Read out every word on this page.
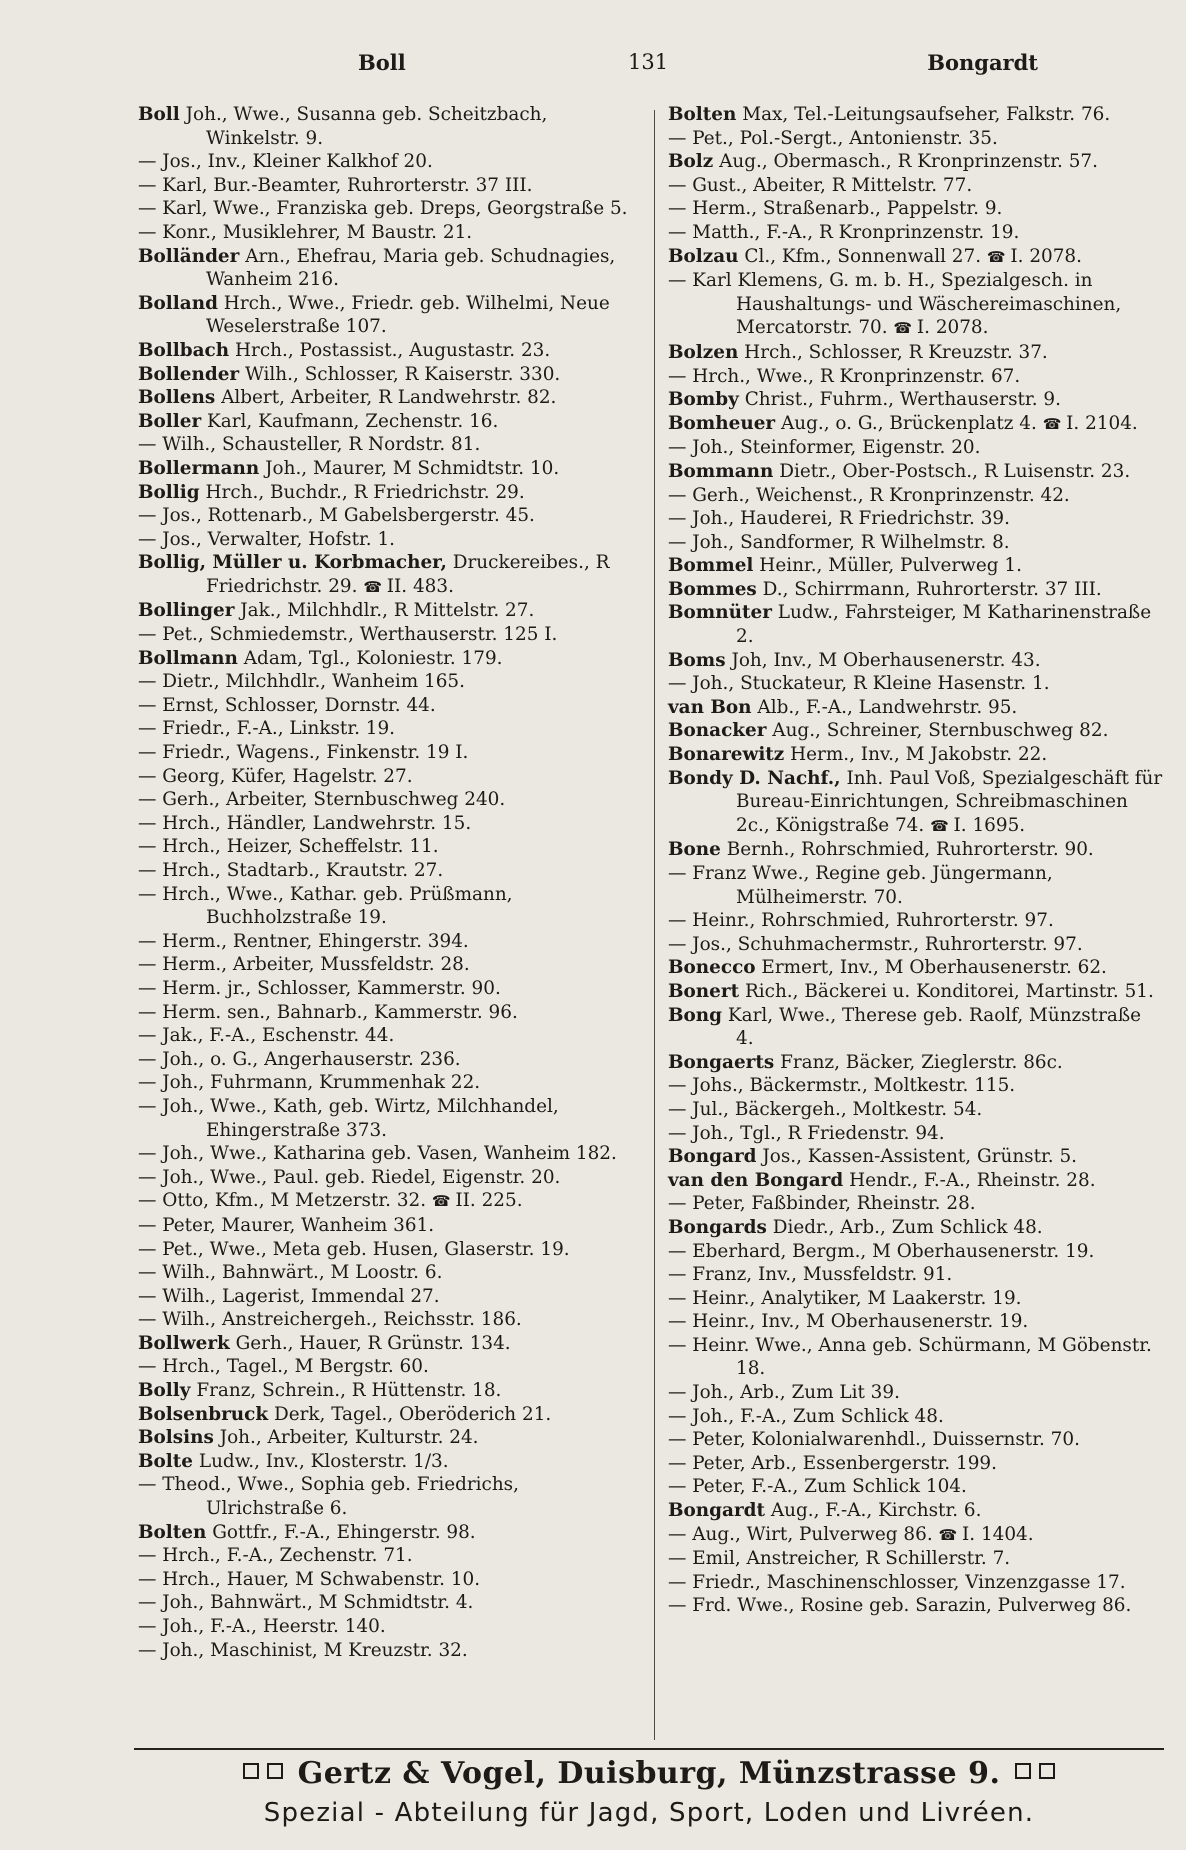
Boll	131	Bongardt
Boll Joh., Wwe., Susanna geb. Scheitzbach, Winkelstr. 9.
— Jos., Inv., Kleiner Kalkhof 20.
— Karl, Bur.-Beamter, Ruhrorterstr. 37 III.
— Karl, Wwe., Franziska geb. Dreps, Georgstraße 5.
— Konr., Musiklehrer, M Baustr. 21.
Bolländer Arn., Ehefrau, Maria geb. Schudnagies, Wanheim 216.
Bolland Hrch., Wwe., Friedr. geb. Wilhelmi, Neue Weselerstraße 107.
Bollbach Hrch., Postassist., Augustastr. 23.
Bollender Wilh., Schlosser, R Kaiserstr. 330.
Bollens Albert, Arbeiter, R Landwehrstr. 82.
Boller Karl, Kaufmann, Zechenstr. 16.
— Wilh., Schausteller, R Nordstr. 81.
Bollermann Joh., Maurer, M Schmidtstr. 10.
Bollig Hrch., Buchdr., R Friedrichstr. 29.
— Jos., Rottenarb., M Gabelsbergerstr. 45.
— Jos., Verwalter, Hofstr. 1.
Bollig, Müller u. Korbmacher, Druckereibes., R Friedrichstr. 29. ☎ II. 483.
Bollinger Jak., Milchhdlr., R Mittelstr. 27.
— Pet., Schmiedemstr., Werthauserstr. 125 I.
Bollmann Adam, Tgl., Koloniestr. 179.
— Dietr., Milchhdlr., Wanheim 165.
— Ernst, Schlosser, Dornstr. 44.
— Friedr., F.-A., Linkstr. 19.
— Friedr., Wagens., Finkenstr. 19 I.
— Georg, Küfer, Hagelstr. 27.
— Gerh., Arbeiter, Sternbuschweg 240.
— Hrch., Händler, Landwehrstr. 15.
— Hrch., Heizer, Scheffelstr. 11.
— Hrch., Stadtarb., Krautstr. 27.
— Hrch., Wwe., Kathar. geb. Prüßmann, Buchholzstraße 19.
— Herm., Rentner, Ehingerstr. 394.
— Herm., Arbeiter, Mussfeldstr. 28.
— Herm. jr., Schlosser, Kammerstr. 90.
— Herm. sen., Bahnarb., Kammerstr. 96.
— Jak., F.-A., Eschenstr. 44.
— Joh., o. G., Angerhauserstr. 236.
— Joh., Fuhrmann, Krummenhak 22.
— Joh., Wwe., Kath, geb. Wirtz, Milchhandel, Ehingerstraße 373.
— Joh., Wwe., Katharina geb. Vasen, Wanheim 182.
— Joh., Wwe., Paul. geb. Riedel, Eigenstr. 20.
— Otto, Kfm., M Metzerstr. 32. ☎ II. 225.
— Peter, Maurer, Wanheim 361.
— Pet., Wwe., Meta geb. Husen, Glaserstr. 19.
— Wilh., Bahnwärt., M Loostr. 6.
— Wilh., Lagerist, Immendal 27.
— Wilh., Anstreichergeh., Reichsstr. 186.
Bollwerk Gerh., Hauer, R Grünstr. 134.
— Hrch., Tagel., M Bergstr. 60.
Bolly Franz, Schrein., R Hüttenstr. 18.
Bolsenbruck Derk, Tagel., Oberöderich 21.
Bolsins Joh., Arbeiter, Kulturstr. 24.
Bolte Ludw., Inv., Klosterstr. 1/3.
— Theod., Wwe., Sophia geb. Friedrichs, Ulrichstraße 6.
Bolten Gottfr., F.-A., Ehingerstr. 98.
— Hrch., F.-A., Zechenstr. 71.
— Hrch., Hauer, M Schwabenstr. 10.
— Joh., Bahnwärt., M Schmidtstr. 4.
— Joh., F.-A., Heerstr. 140.
— Joh., Maschinist, M Kreuzstr. 32.
Bolten Max, Tel.-Leitungsaufseher, Falkstr. 76.
— Pet., Pol.-Sergt., Antonienstr. 35.
Bolz Aug., Obermasch., R Kronprinzenstr. 57.
— Gust., Abeiter, R Mittelstr. 77.
— Herm., Straßenarb., Pappelstr. 9.
— Matth., F.-A., R Kronprinzenstr. 19.
Bolzau Cl., Kfm., Sonnenwall 27. ☎ I. 2078.
— Karl Klemens, G. m. b. H., Spezialgesch. in Haushaltungs- und Wäschereimaschinen, Mercatorstr. 70. ☎ I. 2078.
Bolzen Hrch., Schlosser, R Kreuzstr. 37.
— Hrch., Wwe., R Kronprinzenstr. 67.
Bomby Christ., Fuhrm., Werthauserstr. 9.
Bomheuer Aug., o. G., Brückenplatz 4. ☎ I. 2104.
— Joh., Steinformer, Eigenstr. 20.
Bommann Dietr., Ober-Postsch., R Luisenstr. 23.
— Gerh., Weichenst., R Kronprinzenstr. 42.
— Joh., Hauderei, R Friedrichstr. 39.
— Joh., Sandformer, R Wilhelmstr. 8.
Bommel Heinr., Müller, Pulverweg 1.
Bommes D., Schirrmann, Ruhrorterstr. 37 III.
Bomnüter Ludw., Fahrsteiger, M Katharinenstraße 2.
Boms Joh, Inv., M Oberhausenerstr. 43.
— Joh., Stuckateur, R Kleine Hasenstr. 1.
van Bon Alb., F.-A., Landwehrstr. 95.
Bonacker Aug., Schreiner, Sternbuschweg 82.
Bonarewitz Herm., Inv., M Jakobstr. 22.
Bondy D. Nachf., Inh. Paul Voß, Spezialgeschäft für Bureau-Einrichtungen, Schreibmaschinen 2c., Königstraße 74. ☎ I. 1695.
Bone Bernh., Rohrschmied, Ruhrorterstr. 90.
— Franz Wwe., Regine geb. Jüngermann, Mülheimerstr. 70.
— Heinr., Rohrschmied, Ruhrorterstr. 97.
— Jos., Schuhmachermstr., Ruhrorterstr. 97.
Bonecco Ermert, Inv., M Oberhausenerstr. 62.
Bonert Rich., Bäckerei u. Konditorei, Martinstr. 51.
Bong Karl, Wwe., Therese geb. Raolf, Münzstraße 4.
Bongaerts Franz, Bäcker, Zieglerstr. 86c.
— Johs., Bäckermstr., Moltkestr. 115.
— Jul., Bäckergeh., Moltkestr. 54.
— Joh., Tgl., R Friedenstr. 94.
Bongard Jos., Kassen-Assistent, Grünstr. 5.
van den Bongard Hendr., F.-A., Rheinstr. 28.
— Peter, Faßbinder, Rheinstr. 28.
Bongards Diedr., Arb., Zum Schlick 48.
— Eberhard, Bergm., M Oberhausenerstr. 19.
— Franz, Inv., Mussfeldstr. 91.
— Heinr., Analytiker, M Laakerstr. 19.
— Heinr., Inv., M Oberhausenerstr. 19.
— Heinr. Wwe., Anna geb. Schürmann, M Göbenstr. 18.
— Joh., Arb., Zum Lit 39.
— Joh., F.-A., Zum Schlick 48.
— Peter, Kolonialwarenhdl., Duissernstr. 70.
— Peter, Arb., Essenbergerstr. 199.
— Peter, F.-A., Zum Schlick 104.
Bongardt Aug., F.-A., Kirchstr. 6.
— Aug., Wirt, Pulverweg 86. ☎ I. 1404.
— Emil, Anstreicher, R Schillerstr. 7.
— Friedr., Maschinenschlosser, Vinzenzgasse 17.
— Frd. Wwe., Rosine geb. Sarazin, Pulverweg 86.
Gertz & Vogel, Duisburg, Münzstrasse 9.
Spezial - Abteilung für Jagd, Sport, Loden und Livréen.
